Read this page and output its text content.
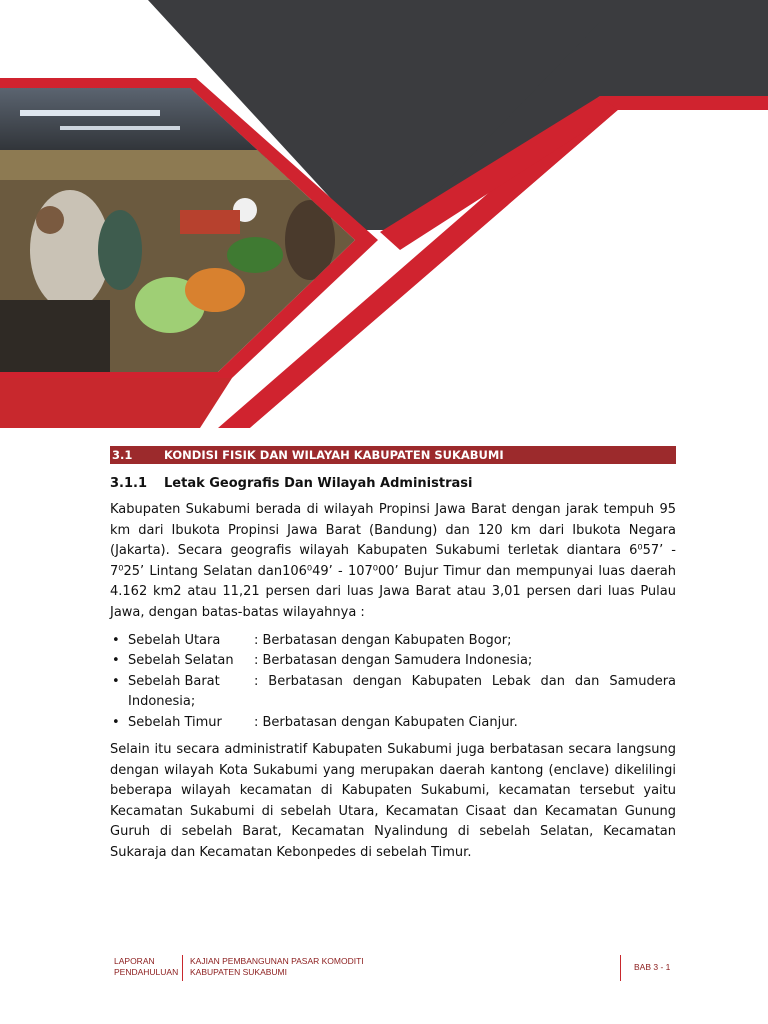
3.1	KONDISI FISIK DAN WILAYAH KABUPATEN SUKABUMI
3.1.1 Letak Geografis Dan Wilayah Administrasi

Kabupaten Sukabumi berada di wilayah Propinsi Jawa Barat dengan jarak tempuh 95 km dari Ibukota Propinsi Jawa Barat (Bandung) dan 120 km dari Ibukota Negara (Jakarta). Secara geografis wilayah Kabupaten Sukabumi terletak diantara 6⁰57’ - 7⁰25’ Lintang Selatan dan106⁰49’ - 107⁰00’ Bujur Timur dan mempunyai luas daerah 4.162 km2 atau 11,21 persen dari luas Jawa Barat atau 3,01 persen dari luas Pulau Jawa, dengan batas-batas wilayahnya :

• Sebelah Utara	: Berbatasan dengan Kabupaten Bogor;
• Sebelah Selatan : Berbatasan dengan Samudera Indonesia;
• Sebelah Barat	: Berbatasan dengan Kabupaten Lebak dan dan Samudera Indonesia;
• Sebelah Timur : Berbatasan dengan Kabupaten Cianjur.

Selain itu secara administratif Kabupaten Sukabumi juga berbatasan secara langsung dengan wilayah Kota Sukabumi yang merupakan daerah kantong (enclave) dikelilingi beberapa wilayah kecamatan di Kabupaten Sukabumi, kecamatan tersebut yaitu Kecamatan Sukabumi di sebelah Utara, Kecamatan Cisaat dan Kecamatan Gunung Guruh di sebelah Barat, Kecamatan Nyalindung di sebelah Selatan, Kecamatan Sukaraja dan Kecamatan Kebonpedes di sebelah Timur.

LAPORAN
PENDAHULUAN
KAJIAN PEMBANGUNAN PASAR KOMODITI
KABUPATEN SUKABUMI	BAB 3 - 1
